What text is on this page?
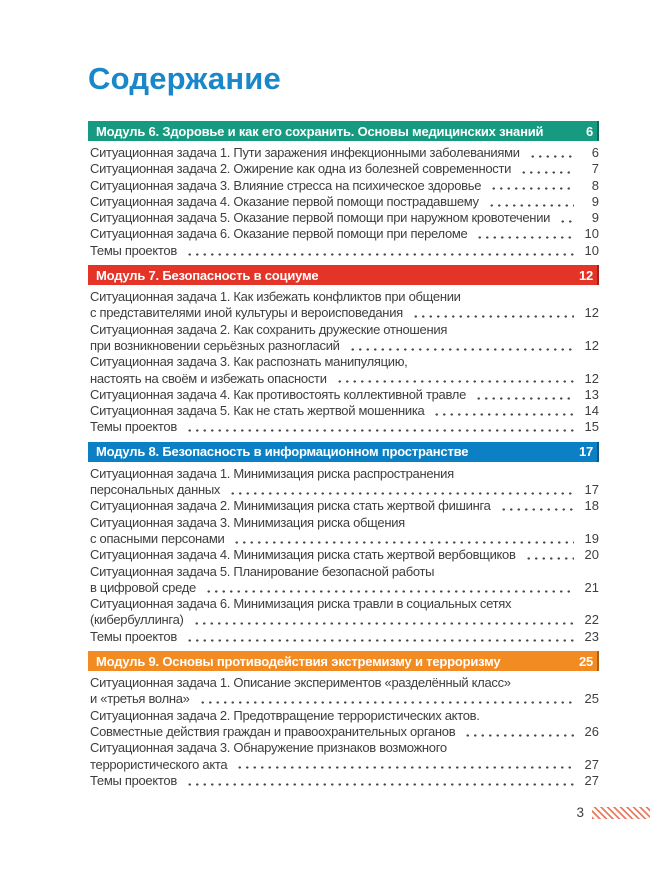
Содержание
Модуль 6. Здоровье и как его сохранить. Основы медицинских знаний	6
Ситуационная задача 1. Пути заражения инфекционными заболеваниями	6
Ситуационная задача 2. Ожирение как одна из болезней современности	7
Ситуационная задача 3. Влияние стресса на психическое здоровье	8
Ситуационная задача 4. Оказание первой помощи пострадавшему	9
Ситуационная задача 5. Оказание первой помощи при наружном кровотечении	9
Ситуационная задача 6. Оказание первой помощи при переломе	10
Темы проектов	10
Модуль 7. Безопасность в социуме	12
Ситуационная задача 1. Как избежать конфликтов при общении
с представителями иной культуры и вероисповедания	12
Ситуационная задача 2. Как сохранить дружеские отношения
при возникновении серьёзных разногласий	12
Ситуационная задача 3. Как распознать манипуляцию,
настоять на своём и избежать опасности	12
Ситуационная задача 4. Как противостоять коллективной травле	13
Ситуационная задача 5. Как не стать жертвой мошенника	14
Темы проектов	15
Модуль 8. Безопасность в информационном пространстве	17
Ситуационная задача 1. Минимизация риска распространения
персональных данных	17
Ситуационная задача 2. Минимизация риска стать жертвой фишинга	18
Ситуационная задача 3. Минимизация риска общения
с опасными персонами	19
Ситуационная задача 4. Минимизация риска стать жертвой вербовщиков	20
Ситуационная задача 5. Планирование безопасной работы
в цифровой среде	21
Ситуационная задача 6. Минимизация риска травли в социальных сетях
(кибербуллинга)	22
Темы проектов	23
Модуль 9. Основы противодействия экстремизму и терроризму	25
Ситуационная задача 1. Описание экспериментов «разделённый класс»
и «третья волна»	25
Ситуационная задача 2. Предотвращение террористических актов.
Совместные действия граждан и правоохранительных органов	26
Ситуационная задача 3. Обнаружение признаков возможного
террористического акта	27
Темы проектов	27
3
